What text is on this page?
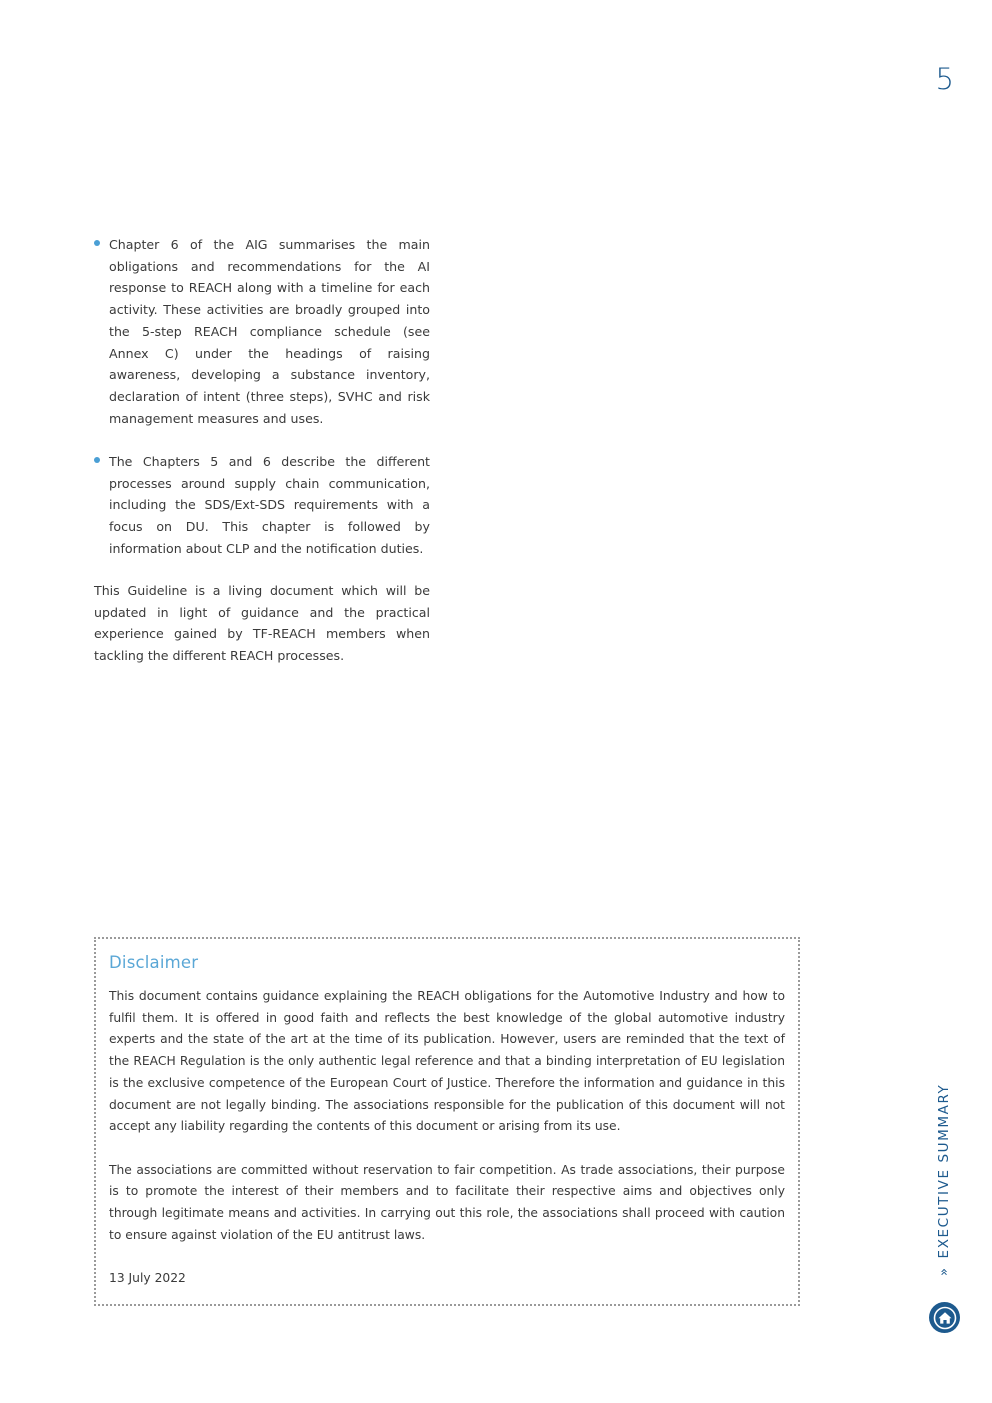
5
Chapter 6 of the AIG summarises the main obligations and recommendations for the AI response to REACH along with a timeline for each activity. These activities are broadly grouped into the 5-step REACH compliance schedule (see Annex C) under the headings of raising awareness, developing a substance inventory, declaration of intent (three steps), SVHC and risk management measures and uses.
The Chapters 5 and 6 describe the different processes around supply chain communication, including the SDS/Ext-SDS requirements with a focus on DU. This chapter is followed by information about CLP and the notification duties.

This Guideline is a living document which will be updated in light of guidance and the practical experience gained by TF-REACH members when tackling the different REACH processes.

Disclaimer

This document contains guidance explaining the REACH obligations for the Automotive Industry and how to fulfil them. It is offered in good faith and reflects the best knowledge of the global automotive industry experts and the state of the art at the time of its publication. However, users are reminded that the text of the REACH Regulation is the only authentic legal reference and that a binding interpretation of EU legislation is the exclusive competence of the European Court of Justice. Therefore the information and guidance in this document are not legally binding. The associations responsible for the publication of this document will not accept any liability regarding the contents of this document or arising from its use.

The associations are committed without reservation to fair competition. As trade associations, their purpose is to promote the interest of their members and to facilitate their respective aims and objectives only through legitimate means and activities. In carrying out this role, the associations shall proceed with caution to ensure against violation of the EU antitrust laws.

13 July 2022	»EXECUTIVE SUMMARY
